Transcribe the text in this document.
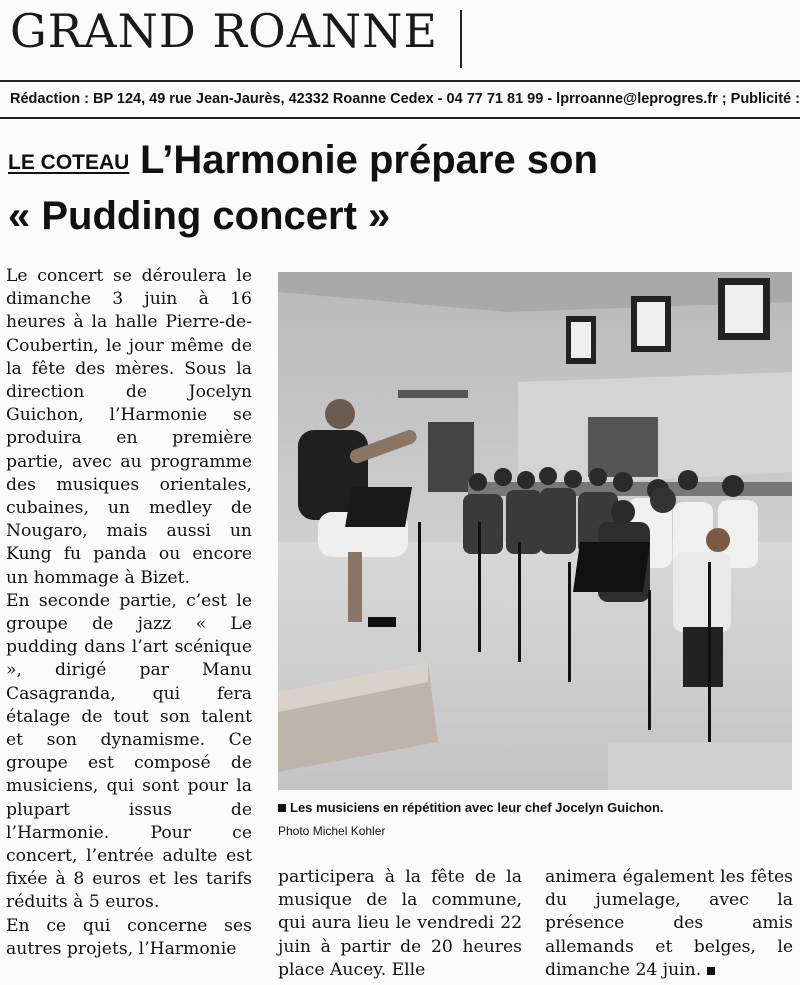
GRAND ROANNE
Rédaction : BP 124, 49 rue Jean-Jaurès, 42332 Roanne Cedex - 04 77 71 81 99 - lprroanne@leprogres.fr ; Publicité :
LE COTEAU L’Harmonie prépare son
« Pudding concert »

Le concert se déroulera le dimanche 3 juin à 16 heures à la halle Pierre-de-Coubertin, le jour même de la fête des mères. Sous la direction de Jocelyn Guichon, l’Harmonie se produira en première partie, avec au programme des musiques orientales, cubaines, un medley de Nougaro, mais aussi un Kung fu panda ou encore un hommage à Bizet.

En seconde partie, c’est le groupe de jazz « Le pudding dans l’art scénique », dirigé par Manu Casagranda, qui fera étalage de tout son talent et son dynamisme. Ce groupe est composé de musiciens, qui sont pour la plupart issus de l’Harmonie. Pour ce concert, l’entrée adulte est fixée à 8 euros et les tarifs réduits à 5 euros.

En ce qui concerne ses autres projets, l’Harmonie

Les musiciens en répétition avec leur chef Jocelyn Guichon.
Photo Michel Kohler

participera à la fête de la musique de la commune, qui aura lieu le vendredi 22 juin à partir de 20 heures place Aucey. Elle

animera également les fêtes du jumelage, avec la présence des amis allemands et belges, le dimanche 24 juin.
